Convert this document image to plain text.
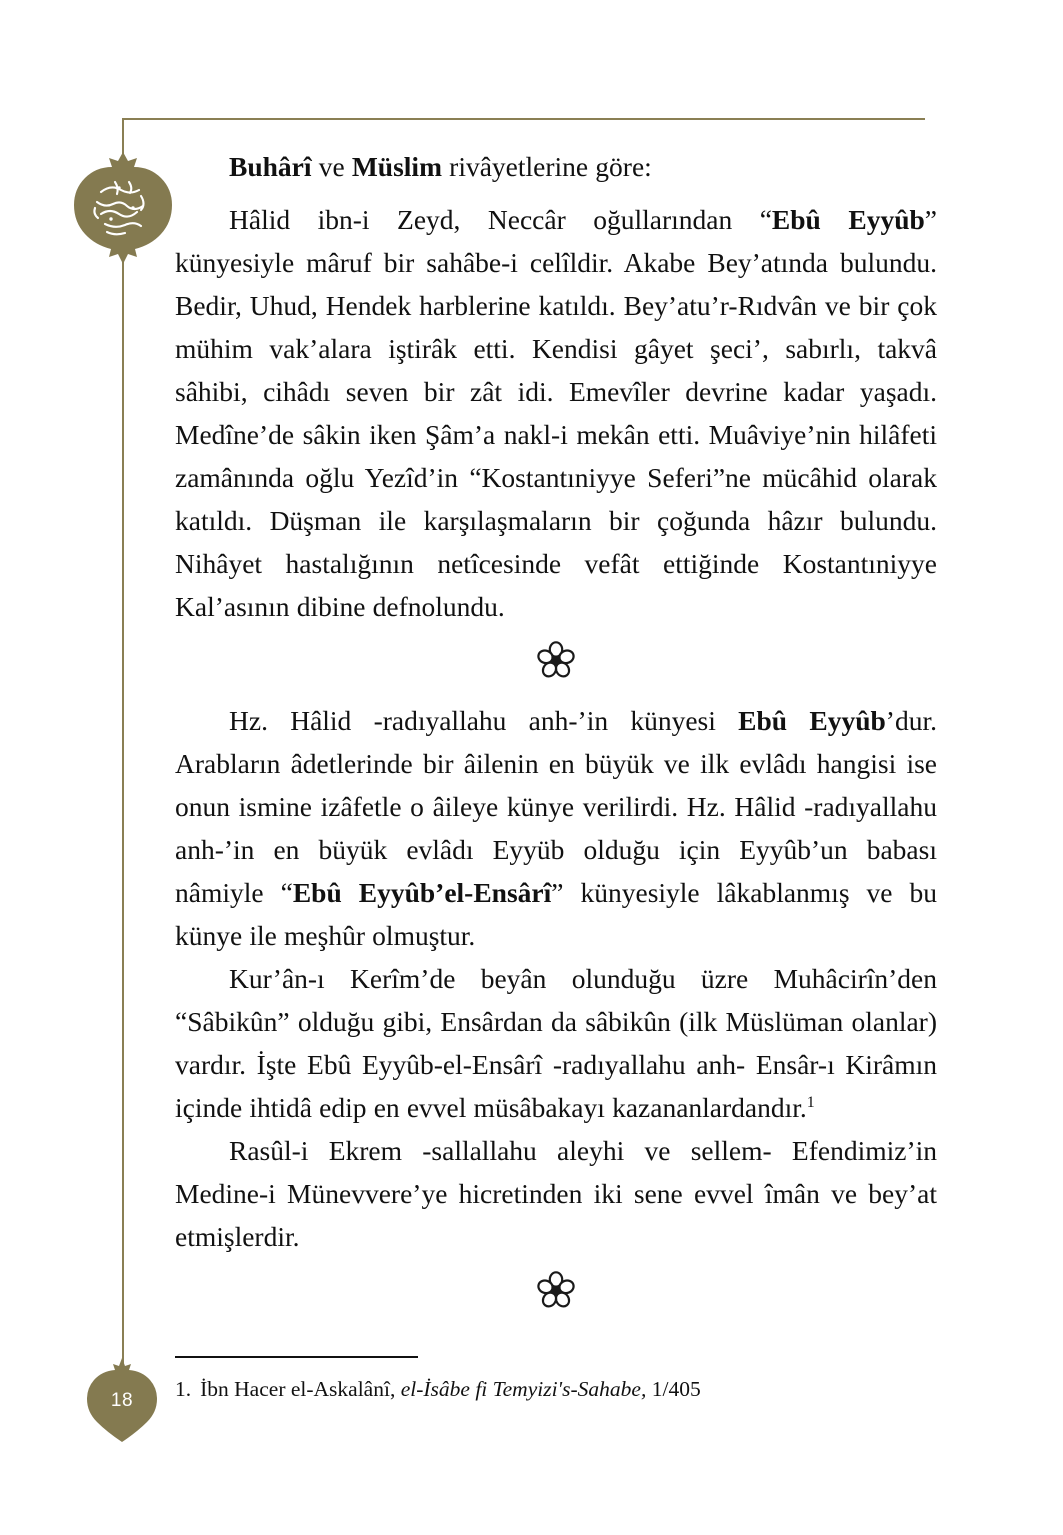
18

Buhârî ve Müslim rivâyetlerine göre:

Hâlid ibn-i Zeyd, Neccâr oğullarından “Ebû Eyyûb” künyesiyle mâruf bir sahâbe-i celîldir. Akabe Bey’atında bulundu. Bedir, Uhud, Hendek harblerine katıldı. Bey’atu’r-Rıdvân ve bir çok mühim vak’alara iştirâk etti. Kendisi gâyet şeci’, sabırlı, takvâ sâhibi, cihâdı seven bir zât idi. Emevîler devrine kadar yaşadı. Medîne’de sâkin iken Şâm’a nakl-i mekân etti. Muâviye’nin hilâfeti zamânında oğlu Yezîd’in “Kostantıniyye Seferi”ne mücâhid olarak katıldı. Düşman ile karşılaşmaların bir çoğunda hâzır bulundu. Nihâyet hastalığının netîcesinde vefât ettiğinde Kostantıniyye Kal’asının dibine defnolundu.

Hz. Hâlid -radıyallahu anh-’in künyesi Ebû Eyyûb’dur. Arabların âdetlerinde bir âilenin en büyük ve ilk evlâdı hangisi ise onun ismine izâfetle o âileye künye verilirdi. Hz. Hâlid -radıyallahu anh-’in en büyük evlâdı Eyyüb olduğu için Eyyûb’un babası nâmiyle “Ebû Eyyûb’el-Ensârî” künyesiyle lâkablanmış ve bu künye ile meşhûr olmuştur.

Kur’ân-ı Kerîm’de beyân olunduğu üzre Muhâcirîn’den “Sâbikûn” olduğu gibi, Ensârdan da sâbikûn (ilk Müslüman olanlar) vardır. İşte Ebû Eyyûb-el-Ensârî -radıyallahu anh- Ensâr-ı Kirâmın içinde ihtidâ edip en evvel müsâbakayı kazananlardandır.$^1$

Rasûl-i Ekrem -sallallahu aleyhi ve sellem- Efendimiz’in Medine-i Münevvere’ye hicretinden iki sene evvel îmân ve bey’at etmişlerdir.

1. İbn Hacer el-Askalânî, el-İsâbe fi Temyizi's-Sahabe, 1/405
